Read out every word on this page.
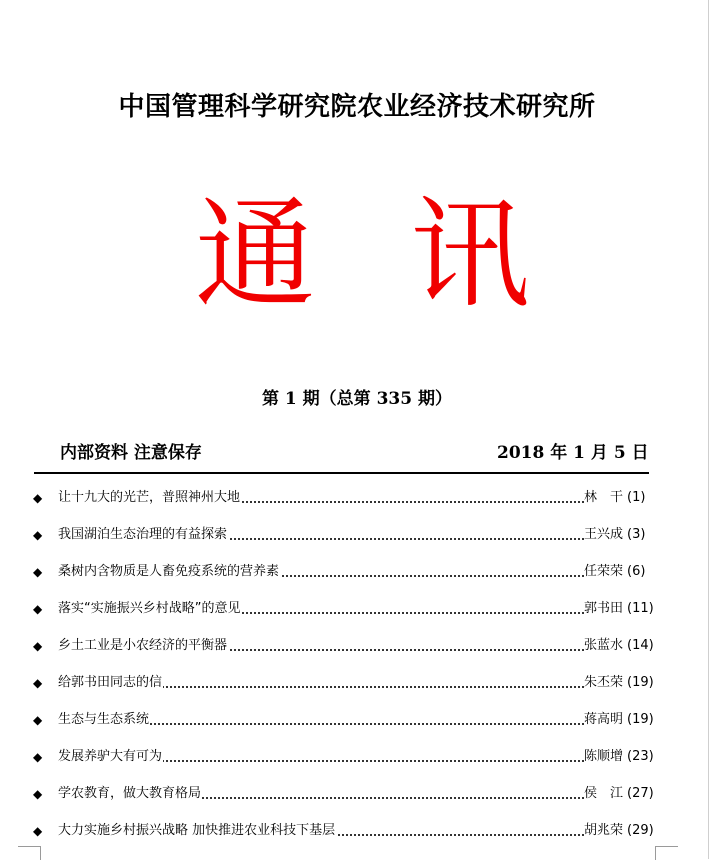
中国管理科学研究院农业经济技术研究所
通 讯
第 1 期（总第 335 期）
内部资料 注意保存	2018 年 1 月 5 日
◆ 让十九大的光芒，普照神州大地	林　干 (1)
◆ 我国湖泊生态治理的有益探索	王兴成 (3)
◆ 桑树内含物质是人畜免疫系统的营养素	任荣荣 (6)
◆ 落实“实施振兴乡村战略”的意见	郭书田 (11)
◆ 乡土工业是小农经济的平衡器	张蓝水 (14)
◆ 给郭书田同志的信	朱丕荣 (19)
◆ 生态与生态系统	蒋高明 (19)
◆ 发展养驴大有可为	陈顺增 (23)
◆ 学农教育，做大教育格局	侯　江 (27)
◆ 大力实施乡村振兴战略 加快推进农业科技下基层	胡兆荣 (29)
